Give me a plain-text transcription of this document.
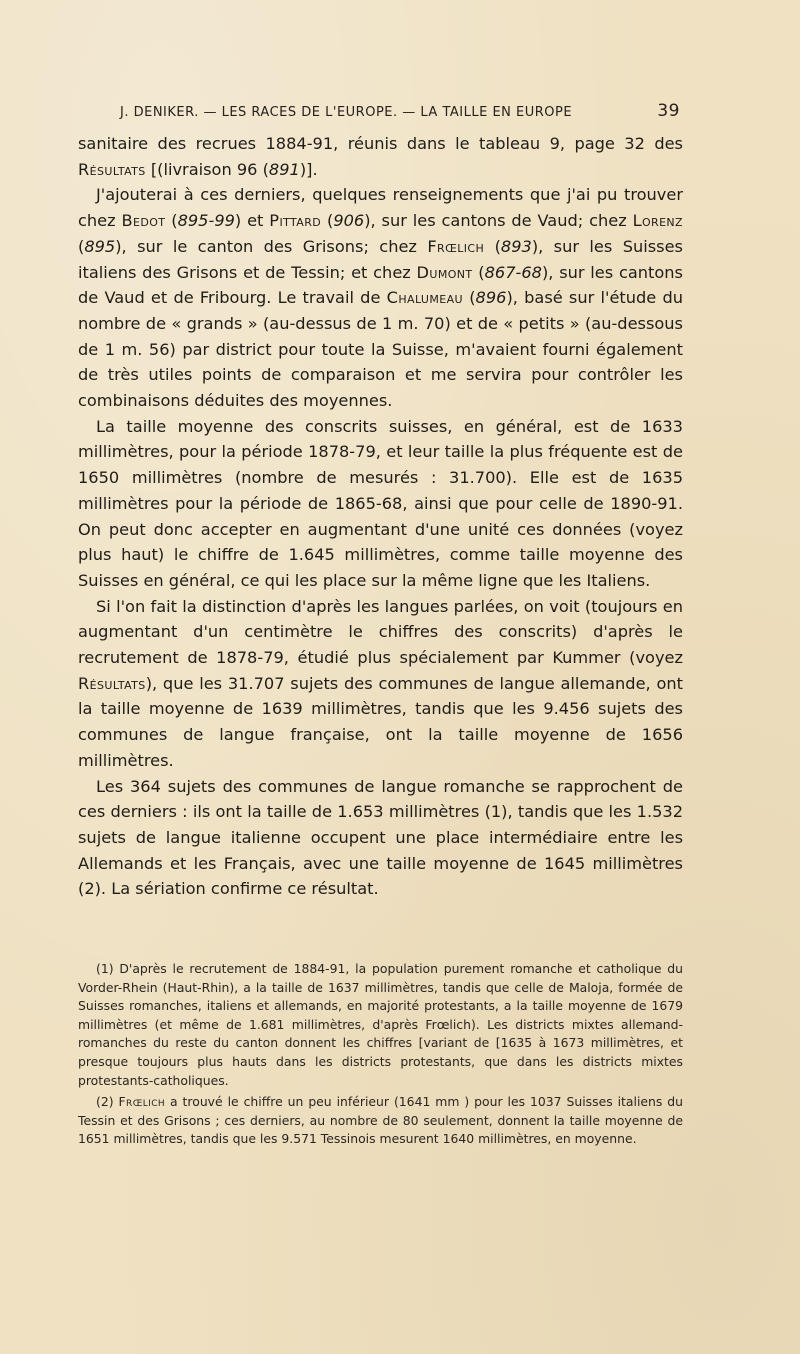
J. DENIKER. — LES RACES DE L'EUROPE. — LA TAILLE EN EUROPE	39

sanitaire des recrues 1884-91, réunis dans le tableau 9, page 32 des Résultats [(livraison 96 (891)].

J'ajouterai à ces derniers, quelques renseignements que j'ai pu trouver chez Bedot (895-99) et Pittard (906), sur les cantons de Vaud; chez Lorenz (895), sur le canton des Grisons; chez Frœlich (893), sur les Suisses italiens des Grisons et de Tessin; et chez Dumont (867-68), sur les cantons de Vaud et de Fribourg. Le travail de Chalumeau (896), basé sur l'étude du nombre de « grands » (au-dessus de 1 m. 70) et de « petits » (au-dessous de 1 m. 56) par district pour toute la Suisse, m'avaient fourni également de très utiles points de comparaison et me servira pour contrôler les combinaisons déduites des moyennes.

La taille moyenne des conscrits suisses, en général, est de 1633 millimètres, pour la période 1878-79, et leur taille la plus fréquente est de 1650 millimètres (nombre de mesurés : 31.700). Elle est de 1635 millimètres pour la période de 1865-68, ainsi que pour celle de 1890-91. On peut donc accepter en augmentant d'une unité ces données (voyez plus haut) le chiffre de 1.645 millimètres, comme taille moyenne des Suisses en général, ce qui les place sur la même ligne que les Italiens.

Si l'on fait la distinction d'après les langues parlées, on voit (toujours en augmentant d'un centimètre le chiffres des conscrits) d'après le recrutement de 1878-79, étudié plus spécialement par Kummer (voyez Résultats), que les 31.707 sujets des communes de langue allemande, ont la taille moyenne de 1639 millimètres, tandis que les 9.456 sujets des communes de langue française, ont la taille moyenne de 1656 millimètres.

Les 364 sujets des communes de langue romanche se rapprochent de ces derniers : ils ont la taille de 1.653 millimètres (1), tandis que les 1.532 sujets de langue italienne occupent une place intermédiaire entre les Allemands et les Français, avec une taille moyenne de 1645 millimètres (2). La sériation confirme ce résultat.

(1) D'après le recrutement de 1884-91, la population purement romanche et catholique du Vorder-Rhein (Haut-Rhin), a la taille de 1637 millimètres, tandis que celle de Maloja, formée de Suisses romanches, italiens et allemands, en majorité protestants, a la taille moyenne de 1679 millimètres (et même de 1.681 millimètres, d'après Frœlich). Les districts mixtes allemand-romanches du reste du canton donnent les chiffres [variant de [1635 à 1673 millimètres, et presque toujours plus hauts dans les districts protestants, que dans les districts mixtes protestants-catholiques.

(2) Frœlich a trouvé le chiffre un peu inférieur (1641 mm ) pour les 1037 Suisses italiens du Tessin et des Grisons ; ces derniers, au nombre de 80 seulement, donnent la taille moyenne de 1651 millimètres, tandis que les 9.571 Tessinois mesurent 1640 millimètres, en moyenne.
